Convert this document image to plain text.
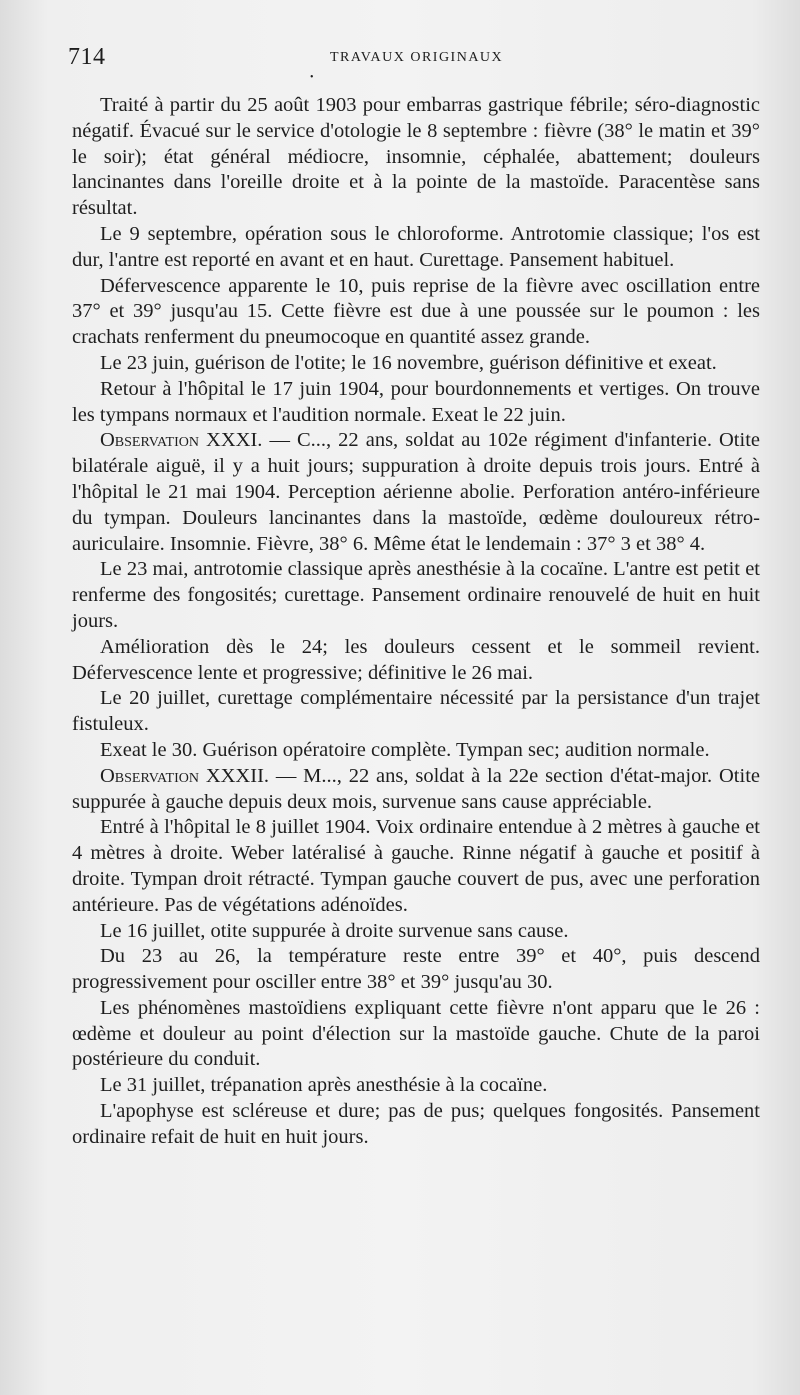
714	TRAVAUX ORIGINAUX
•

Traité à partir du 25 août 1903 pour embarras gastrique fébrile; séro-diagnostic négatif. Évacué sur le service d'otologie le 8 septembre : fièvre (38° le matin et 39° le soir); état général médiocre, insomnie, céphalée, abattement; douleurs lancinantes dans l'oreille droite et à la pointe de la mastoïde. Paracentèse sans résultat.

Le 9 septembre, opération sous le chloroforme. Antrotomie classique; l'os est dur, l'antre est reporté en avant et en haut. Curettage. Pansement habituel.

Défervescence apparente le 10, puis reprise de la fièvre avec oscillation entre 37° et 39° jusqu'au 15. Cette fièvre est due à une poussée sur le poumon : les crachats renferment du pneumocoque en quantité assez grande.

Le 23 juin, guérison de l'otite; le 16 novembre, guérison définitive et exeat.

Retour à l'hôpital le 17 juin 1904, pour bourdonnements et vertiges. On trouve les tympans normaux et l'audition normale. Exeat le 22 juin.

Observation XXXI. — C..., 22 ans, soldat au 102e régiment d'infanterie. Otite bilatérale aiguë, il y a huit jours; suppuration à droite depuis trois jours. Entré à l'hôpital le 21 mai 1904. Perception aérienne abolie. Perforation antéro-inférieure du tympan. Douleurs lancinantes dans la mastoïde, œdème douloureux rétro-auriculaire. Insomnie. Fièvre, 38° 6. Même état le lendemain : 37° 3 et 38° 4.

Le 23 mai, antrotomie classique après anesthésie à la cocaïne. L'antre est petit et renferme des fongosités; curettage. Pansement ordinaire renouvelé de huit en huit jours.

Amélioration dès le 24; les douleurs cessent et le sommeil revient. Défervescence lente et progressive; définitive le 26 mai.

Le 20 juillet, curettage complémentaire nécessité par la persistance d'un trajet fistuleux.

Exeat le 30. Guérison opératoire complète. Tympan sec; audition normale.

Observation XXXII. — M..., 22 ans, soldat à la 22e section d'état-major. Otite suppurée à gauche depuis deux mois, survenue sans cause appréciable.

Entré à l'hôpital le 8 juillet 1904. Voix ordinaire entendue à 2 mètres à gauche et 4 mètres à droite. Weber latéralisé à gauche. Rinne négatif à gauche et positif à droite. Tympan droit rétracté. Tympan gauche couvert de pus, avec une perforation antérieure. Pas de végétations adénoïdes.

Le 16 juillet, otite suppurée à droite survenue sans cause.

Du 23 au 26, la température reste entre 39° et 40°, puis descend progressivement pour osciller entre 38° et 39° jusqu'au 30.

Les phénomènes mastoïdiens expliquant cette fièvre n'ont apparu que le 26 : œdème et douleur au point d'élection sur la mastoïde gauche. Chute de la paroi postérieure du conduit.

Le 31 juillet, trépanation après anesthésie à la cocaïne.

L'apophyse est scléreuse et dure; pas de pus; quelques fongosités. Pansement ordinaire refait de huit en huit jours.
